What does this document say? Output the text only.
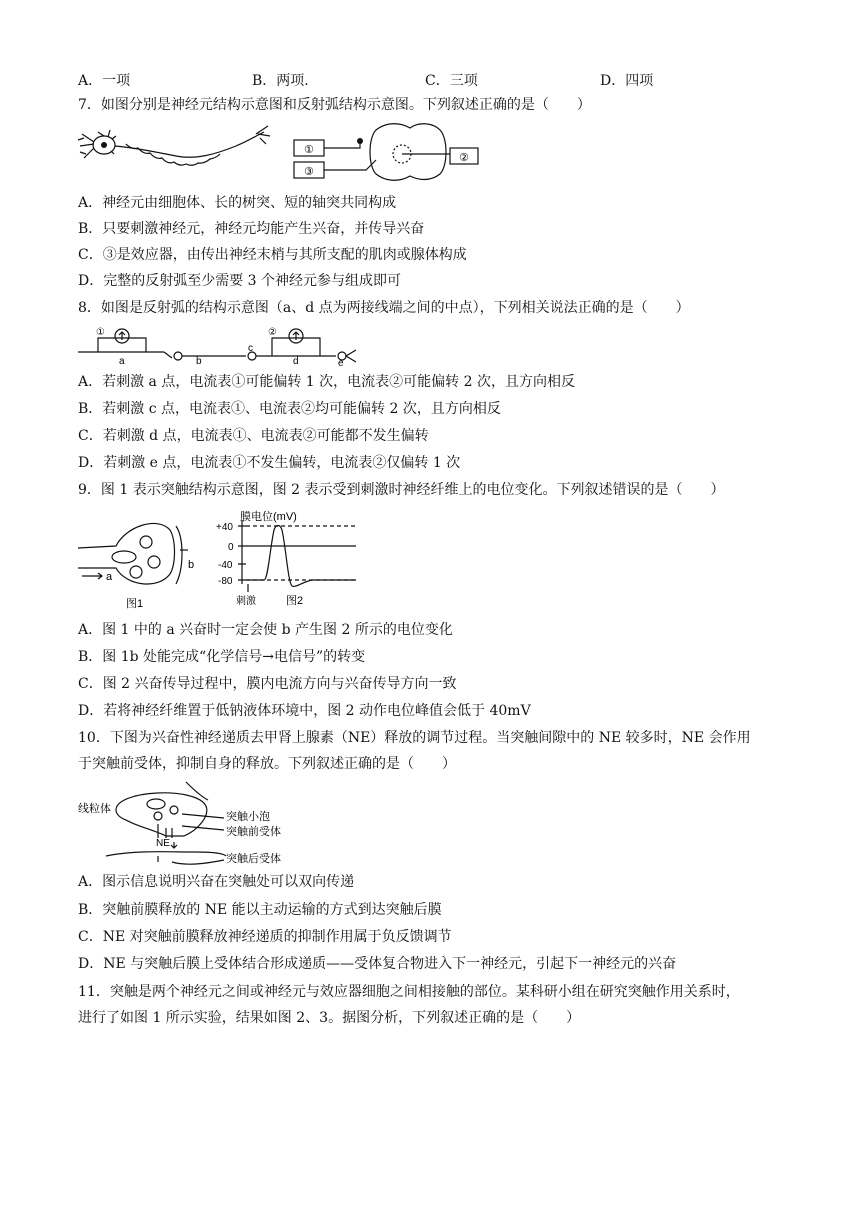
A．一项	B．两项.	C．三项	D．四项
7．如图分别是神经元结构示意图和反射弧结构示意图。下列叙述正确的是（　　）
①
③
②
A．神经元由细胞体、长的树突、短的轴突共同构成
B．只要刺激神经元，神经元均能产生兴奋，并传导兴奋
C．③是效应器，由传出神经末梢与其所支配的肌肉或腺体构成
D．完整的反射弧至少需要 3 个神经元参与组成即可
8．如图是反射弧的结构示意图（a、d 点为两接线端之间的中点），下列相关说法正确的是（　　）
①	②
a	b
c
d	e
A．若刺激 a 点，电流表①可能偏转 1 次，电流表②可能偏转 2 次，且方向相反
B．若刺激 c 点，电流表①、电流表②均可能偏转 2 次，且方向相反
C．若刺激 d 点，电流表①、电流表②可能都不发生偏转
D．若刺激 e 点，电流表①不发生偏转，电流表②仅偏转 1 次
9．图 1 表示突触结构示意图，图 2 表示受到刺激时神经纤维上的电位变化。下列叙述错误的是（　　）
a
b
图1
膜电位(mV)
+40
0
-40
-80
刺激	图2
A．图 1 中的 a 兴奋时一定会使 b 产生图 2 所示的电位变化
B．图 1b 处能完成“化学信号→电信号”的转变
C．图 2 兴奋传导过程中，膜内电流方向与兴奋传导方向一致
D．若将神经纤维置于低钠液体环境中，图 2 动作电位峰值会低于 40mV
10．下图为兴奋性神经递质去甲肾上腺素（NE）释放的调节过程。当突触间隙中的 NE 较多时，NE 会作用
于突触前受体，抑制自身的释放。下列叙述正确的是（　　）
线粒体
突触小泡
突触前受体
NE
突触后受体
A．图示信息说明兴奋在突触处可以双向传递
B．突触前膜释放的 NE 能以主动运输的方式到达突触后膜
C．NE 对突触前膜释放神经递质的抑制作用属于负反馈调节
D．NE 与突触后膜上受体结合形成递质——受体复合物进入下一神经元，引起下一神经元的兴奋
11．突触是两个神经元之间或神经元与效应器细胞之间相接触的部位。某科研小组在研究突触作用关系时，
进行了如图 1 所示实验，结果如图 2、3。据图分析，下列叙述正确的是（　　）
